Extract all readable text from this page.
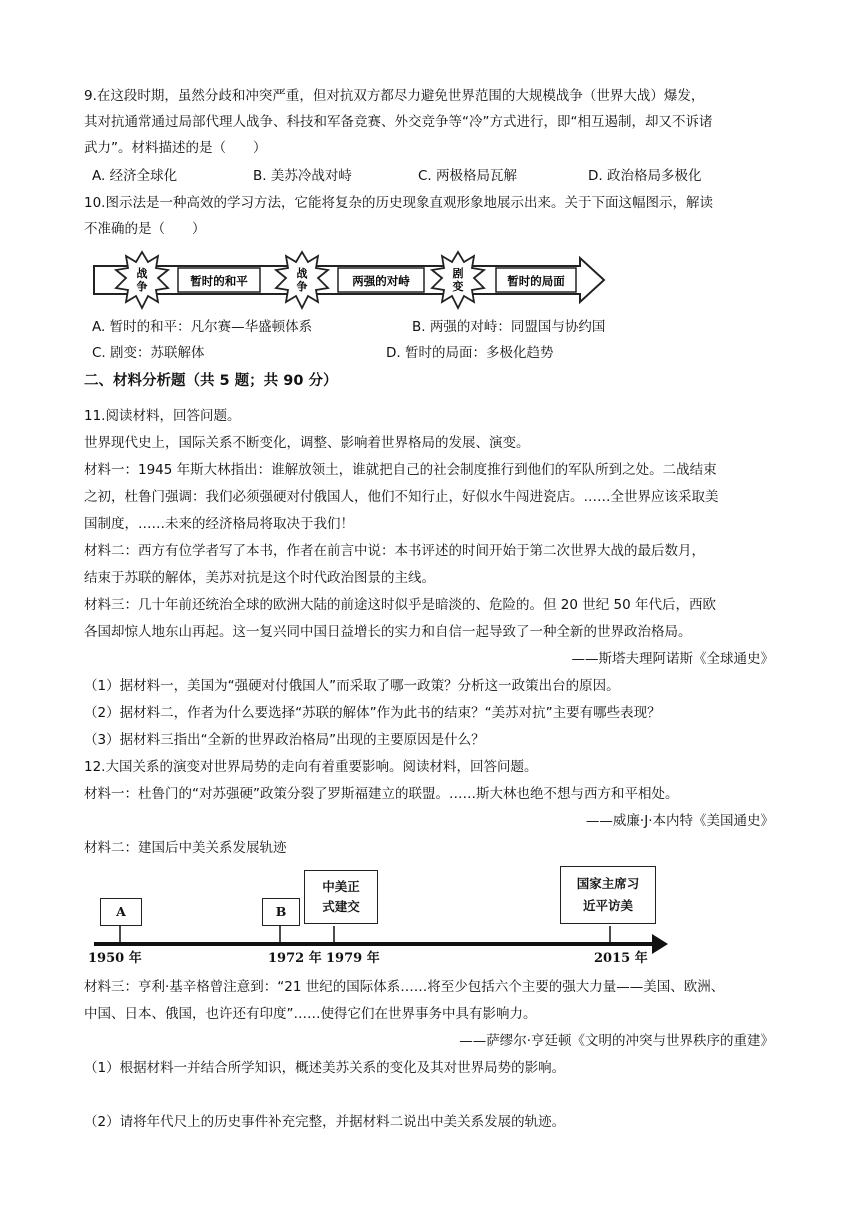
9.在这段时期，虽然分歧和冲突严重，但对抗双方都尽力避免世界范围的大规模战争（世界大战）爆发，
其对抗通常通过局部代理人战争、科技和军备竞赛、外交竞争等“冷”方式进行，即“相互遏制，却又不诉诸
武力”。材料描述的是（　　）
A. 经济全球化	B. 美苏冷战对峙	C. 两极格局瓦解	D. 政治格局多极化
10.图示法是一种高效的学习方法，它能将复杂的历史现象直观形象地展示出来。关于下面这幅图示，解读
不准确的是（　　）
战
争	暂时的和平
战
争	两强的对峙
剧
变	暂时的局面
A. 暂时的和平：凡尔赛—华盛顿体系	B. 两强的对峙：同盟国与协约国
C. 剧变：苏联解体	D. 暂时的局面：多极化趋势
二、材料分析题（共 5 题；共 90 分）
11.阅读材料，回答问题。
世界现代史上，国际关系不断变化，调整、影响着世界格局的发展、演变。
材料一：1945 年斯大林指出：谁解放领土，谁就把自己的社会制度推行到他们的军队所到之处。二战结束
之初，杜鲁门强调：我们必须强硬对付俄国人，他们不知行止，好似水牛闯进瓷店。……全世界应该采取美
国制度，……未来的经济格局将取决于我们！
材料二：西方有位学者写了本书，作者在前言中说：本书评述的时间开始于第二次世界大战的最后数月，
结束于苏联的解体，美苏对抗是这个时代政治图景的主线。
材料三：几十年前还统治全球的欧洲大陆的前途这时似乎是暗淡的、危险的。但 20 世纪 50 年代后，西欧
各国却惊人地东山再起。这一复兴同中国日益增长的实力和自信一起导致了一种全新的世界政治格局。
——斯塔夫理阿诺斯《全球通史》
（1）据材料一，美国为“强硬对付俄国人”而采取了哪一政策？分析这一政策出台的原因。
（2）据材料二，作者为什么要选择“苏联的解体”作为此书的结束？“美苏对抗”主要有哪些表现？
（3）据材料三指出“全新的世界政治格局”出现的主要原因是什么？
12.大国关系的演变对世界局势的走向有着重要影响。阅读材料，回答问题。
材料一：杜鲁门的“对苏强硬”政策分裂了罗斯福建立的联盟。……斯大林也绝不想与西方和平相处。
——威廉·J·本内特《美国通史》
材料二：建国后中美关系发展轨迹
A	B
中美正
式建交
国家主席习
近平访美
1950 年	1972 年 1979 年	2015 年
材料三：亨利·基辛格曾注意到：“21 世纪的国际体系……将至少包括六个主要的强大力量——美国、欧洲、
中国、日本、俄国，也许还有印度”……使得它们在世界事务中具有影响力。
——萨缪尔·亨廷顿《文明的冲突与世界秩序的重建》
（1）根据材料一并结合所学知识，概述美苏关系的变化及其对世界局势的影响。
（2）请将年代尺上的历史事件补充完整，并据材料二说出中美关系发展的轨迹。
